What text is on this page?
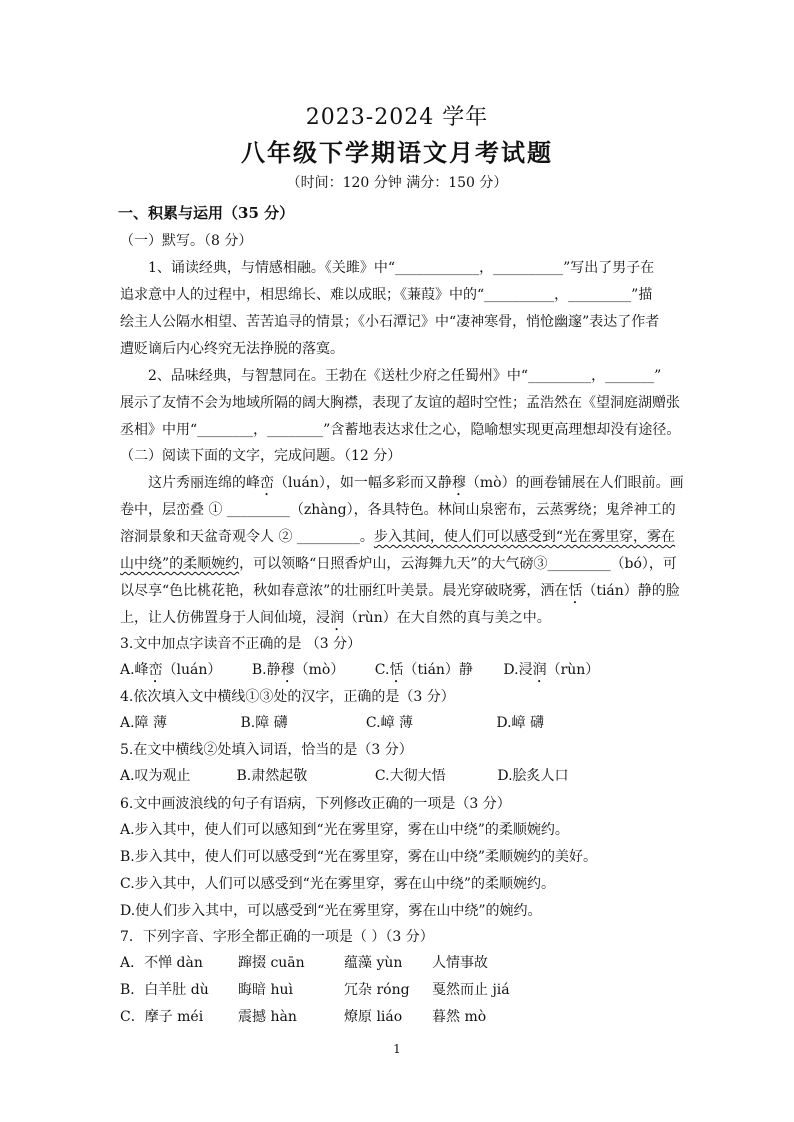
2023-2024 学年
八年级下学期语文月考试题
（时间：120 分钟 满分：150 分）
一、积累与运用（35 分）
（一）默写。（8 分）
1、诵读经典，与情感相融。《关雎》中“____________，__________”写出了男子在
追求意中人的过程中，相思绵长、难以成眠；《蒹葭》中的“__________，_________”描
绘主人公隔水相望、苦苦追寻的情景；《小石潭记》中“凄神寒骨，悄怆幽邃”表达了作者
遭贬谪后内心终究无法挣脱的落寞。
2、品味经典，与智慧同在。王勃在《送杜少府之任蜀州》中“_________，_______”
展示了友情不会为地域所隔的阔大胸襟，表现了友谊的超时空性；孟浩然在《望洞庭湖赠张
丞相》中用“________，________”含蓄地表达求仕之心，隐喻想实现更高理想却没有途径。
（二）阅读下面的文字，完成问题。（12 分）
这片秀丽连绵的峰峦（luán），如一幅多彩而又静穆（mò）的画卷铺展在人们眼前。画
卷中，层峦叠 ① _________（zhàng），各具特色。林间山泉密布，云蒸雾绕；鬼斧神工的
溶洞景象和天盆奇观令人 ② _________。步入其间，使人们可以感受到“光在雾里穿，雾在
山中绕”的柔顺婉约，可以领略“日照香炉山，云海舞九天”的大气磅③_________（bó），可
以尽享“色比桃花艳，秋如春意浓”的壮丽红叶美景。晨光穿破晓雾，洒在恬（tián）静的脸
上，让人仿佛置身于人间仙境，浸润（rùn）在大自然的真与美之中。
3.文中加点字读音不正确的是 （3 分）
A.峰峦（luán） B.静穆（mò） C.恬（tián）静 D.浸润（rùn）
4.依次填入文中横线①③处的汉字，正确的是（3 分）
A.障 薄	B.障 礴	C.嶂 薄	D.嶂 礴
5.在文中横线②处填入词语，恰当的是（3 分）
A.叹为观止	B.肃然起敬	C.大彻大悟	D.脍炙人口
6.文中画波浪线的句子有语病，下列修改正确的一项是（3 分）
A.步入其中，使人们可以感知到“光在雾里穿，雾在山中绕”的柔顺婉约。
B.步入其中，使人们可以感受到“光在雾里穿，雾在山中绕”柔顺婉约的美好。
C.步入其中，人们可以感受到“光在雾里穿，雾在山中绕”的柔顺婉约。
D.使人们步入其中，可以感受到“光在雾里穿，雾在山中绕”的婉约。
7．下列字音、字形全都正确的一项是（ ）（3 分）
A．不惮 dàn	蹿掇 cuān	蕴藻 yùn 人情事故
B．白羊肚 dù 晦暗 huì	冗杂 róng 戛然而止 jiá
C．摩子 méi 震撼 hàn	燎原 liáo 暮然 mò
1
